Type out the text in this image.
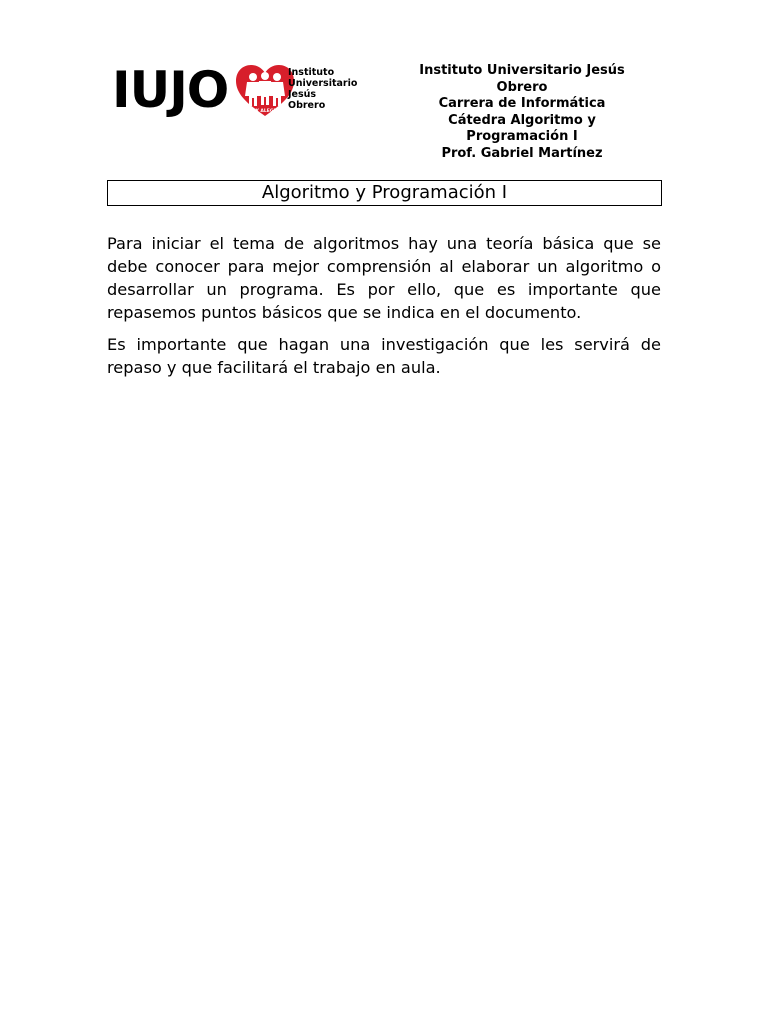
IUJO	FE Y ALEGRÍA
Instituto
Universitario
Jesús
Obrero
Instituto Universitario Jesús
Obrero
Carrera de Informática
Cátedra Algoritmo y
Programación I
Prof. Gabriel Martínez
Algoritmo y Programación I

Para iniciar el tema de algoritmos hay una teoría básica que se debe conocer para mejor comprensión al elaborar un algoritmo o desarrollar un programa. Es por ello, que es importante que repasemos puntos básicos que se indica en el documento.

Es importante que hagan una investigación que les servirá de repaso y que facilitará el trabajo en aula.
